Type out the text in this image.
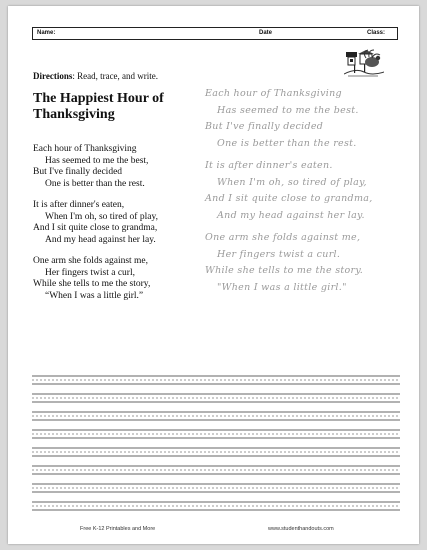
Name:	Date	Class:
Directions: Read, trace, and write.
The Happiest Hour of Thanksgiving
Each hour of Thanksgiving
Has seemed to me the best,
But I've finally decided
One is better than the rest.
It is after dinner's eaten,
When I'm oh, so tired of play,
And I sit quite close to grandma,
And my head against her lay.
One arm she folds against me,
Her fingers twist a curl,
While she tells to me the story,
“When I was a little girl.”
Each hour of Thanksgiving
Has seemed to me the best.
But I've finally decided
One is better than the rest.
It is after dinner's eaten.
When I'm oh, so tired of play,
And I sit quite close to grandma,
And my head against her lay.
One arm she folds against me,
Her fingers twist a curl.
While she tells to me the story.
"When I was a little girl."
Free K-12 Printables and More	www.studenthandouts.com
